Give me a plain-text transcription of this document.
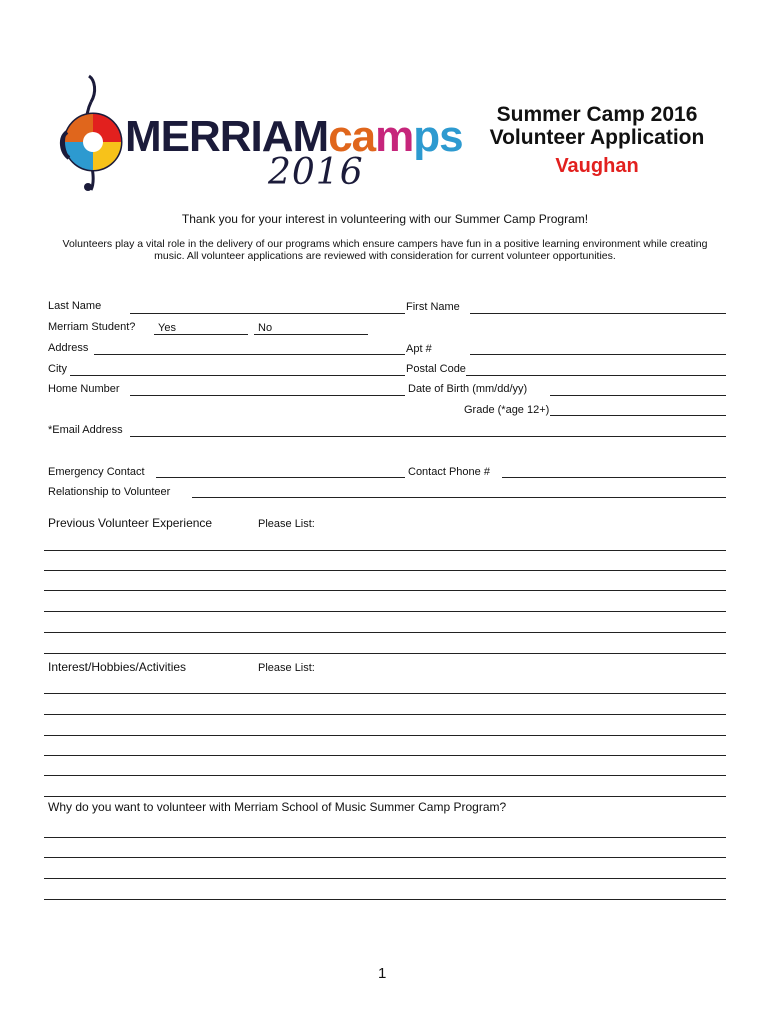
MERRIAMcamps
2016
Summer Camp 2016
Volunteer Application
Vaughan
Thank you for your interest in volunteering with our Summer Camp Program!
Volunteers play a vital role in the delivery of our programs which ensure campers have fun in a positive learning environment while creating
music. All volunteer applications are reviewed with consideration for current volunteer opportunities.
Last Name	First Name
Merriam Student? Yes	No
Address	Apt #
City	Postal Code
Home Number	Date of Birth (mm/dd/yy)
Grade (*age 12+)
*Email Address
Emergency Contact	Contact Phone #
Relationship to Volunteer
Previous Volunteer Experience	Please List:
Interest/Hobbies/Activities	Please List:
Why do you want to volunteer with Merriam School of Music Summer Camp Program?
1
